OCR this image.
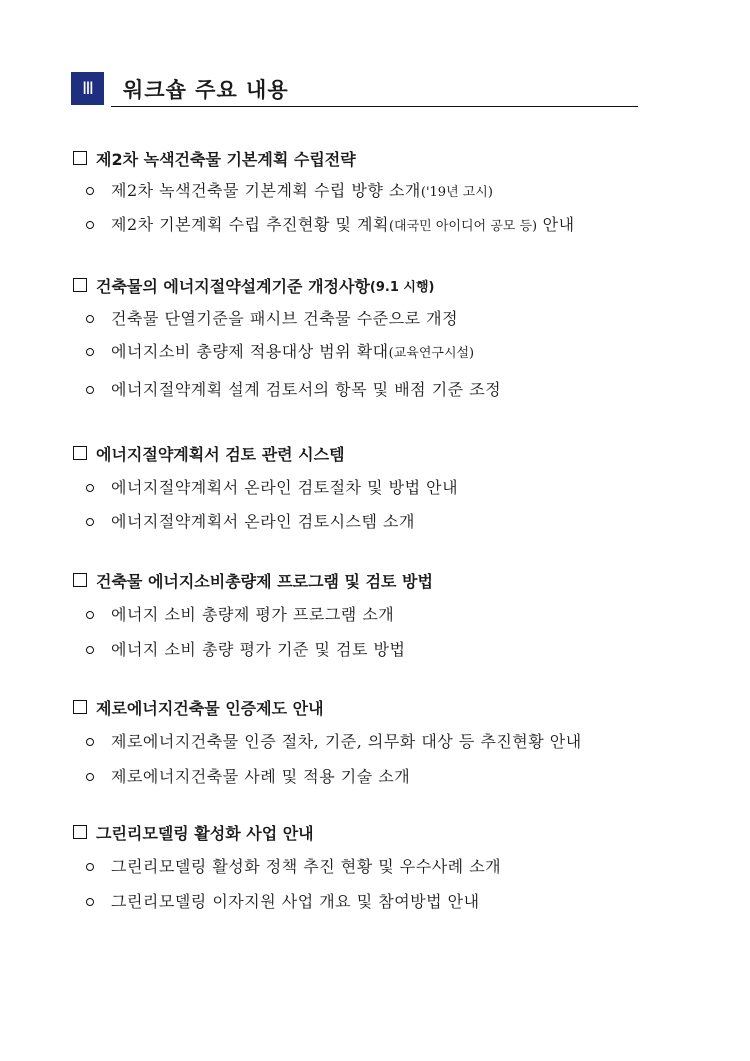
Ⅲ	워크숍 주요 내용
제2차 녹색건축물 기본계획 수립전략
제2차 녹색건축물 기본계획 수립 방향 소개('19년 고시)
제2차 기본계획 수립 추진현황 및 계획(대국민 아이디어 공모 등) 안내
건축물의 에너지절약설계기준 개정사항 (9.1 시행)
건축물 단열기준을 패시브 건축물 수준으로 개정
에너지소비 총량제 적용대상 범위 확대(교육연구시설)
에너지절약계획 설계 검토서의 항목 및 배점 기준 조정
에너지절약계획서 검토 관련 시스템
에너지절약계획서 온라인 검토절차 및 방법 안내
에너지절약계획서 온라인 검토시스템 소개
건축물 에너지소비총량제 프로그램 및 검토 방법
에너지 소비 총량제 평가 프로그램 소개
에너지 소비 총량 평가 기준 및 검토 방법
제로에너지건축물 인증제도 안내
제로에너지건축물 인증 절차, 기준, 의무화 대상 등 추진현황 안내
제로에너지건축물 사례 및 적용 기술 소개
그린리모델링 활성화 사업 안내
그린리모델링 활성화 정책 추진 현황 및 우수사례 소개
그린리모델링 이자지원 사업 개요 및 참여방법 안내
